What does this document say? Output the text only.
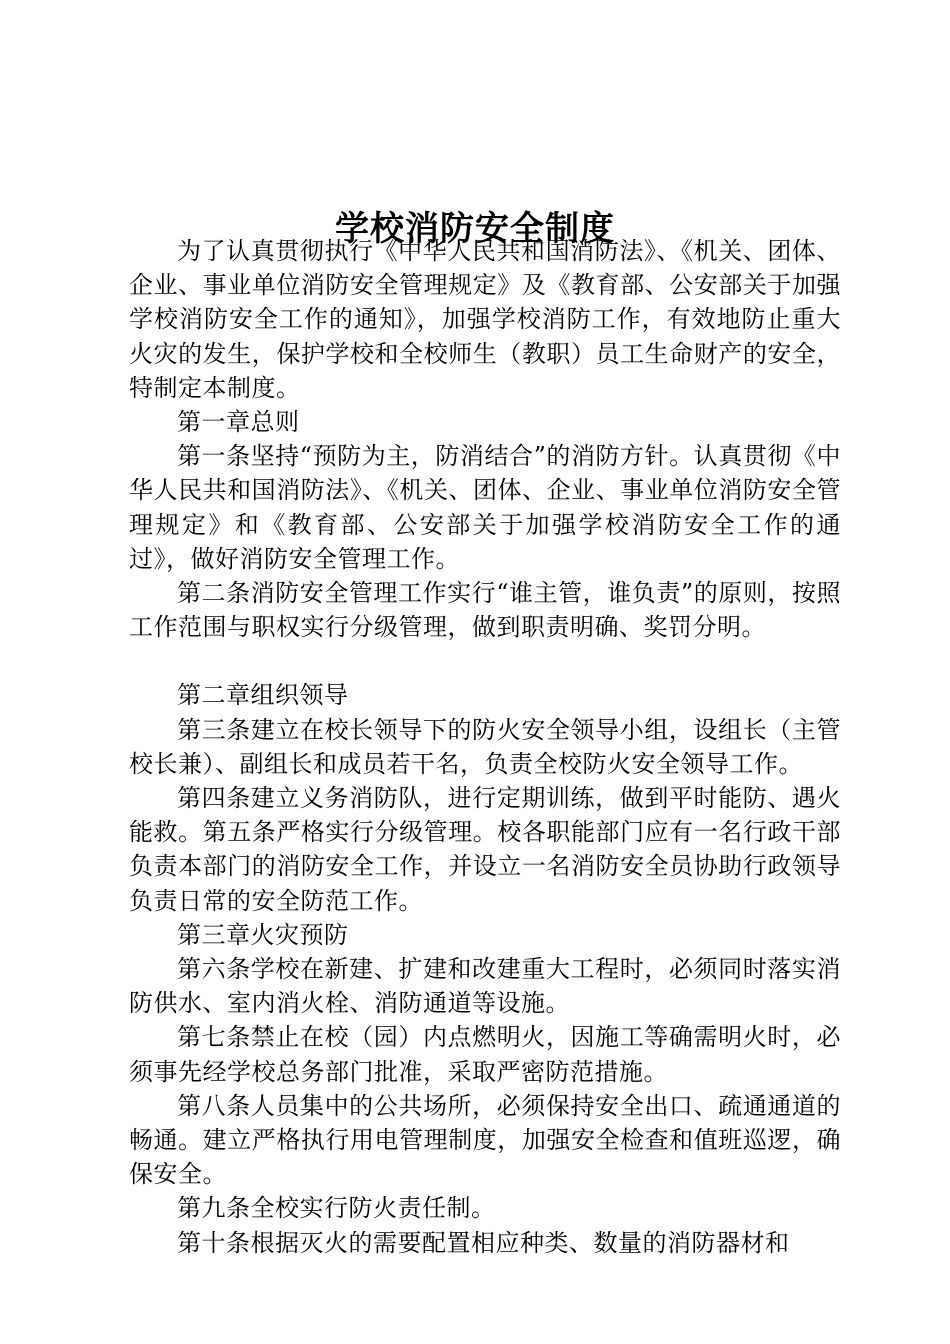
学校消防安全制度

为了认真贯彻执行《中华人民共和国消防法》、《机关、团体、企业、事业单位消防安全管理规定》及《教育部、公安部关于加强学校消防安全工作的通知》，加强学校消防工作，有效地防止重大火灾的发生，保护学校和全校师生（教职）员工生命财产的安全，特制定本制度。

第一章总则

第一条坚持“预防为主，防消结合”的消防方针。认真贯彻《中华人民共和国消防法》、《机关、团体、企业、事业单位消防安全管理规定》和《教育部、公安部关于加强学校消防安全工作的通过》，做好消防安全管理工作。

第二条消防安全管理工作实行“谁主管，谁负责”的原则，按照工作范围与职权实行分级管理，做到职责明确、奖罚分明。

第二章组织领导

第三条建立在校长领导下的防火安全领导小组，设组长（主管校长兼）、副组长和成员若干名，负责全校防火安全领导工作。

第四条建立义务消防队，进行定期训练，做到平时能防、遇火能救。第五条严格实行分级管理。校各职能部门应有一名行政干部负责本部门的消防安全工作，并设立一名消防安全员协助行政领导负责日常的安全防范工作。

第三章火灾预防

第六条学校在新建、扩建和改建重大工程时，必须同时落实消防供水、室内消火栓、消防通道等设施。

第七条禁止在校（园）内点燃明火，因施工等确需明火时，必须事先经学校总务部门批准，采取严密防范措施。

第八条人员集中的公共场所，必须保持安全出口、疏通通道的畅通。建立严格执行用电管理制度，加强安全检查和值班巡逻，确保安全。

第九条全校实行防火责任制。

第十条根据灭火的需要配置相应种类、数量的消防器材和
